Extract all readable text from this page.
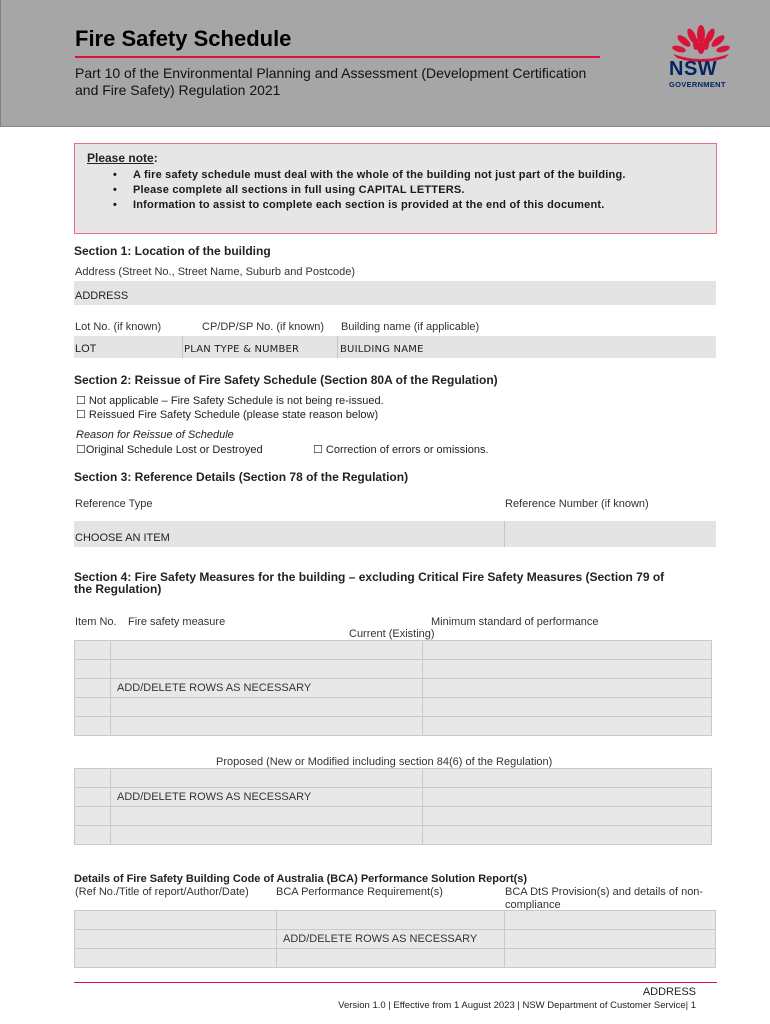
Fire Safety Schedule
Part 10 of the Environmental Planning and Assessment (Development Certification and Fire Safety) Regulation 2021
NSW
GOVERNMENT
Please note:
• A fire safety schedule must deal with the whole of the building not just part of the building.
• Please complete all sections in full using CAPITAL LETTERS.
• Information to assist to complete each section is provided at the end of this document.
Section 1: Location of the building
Address (Street No., Street Name, Suburb and Postcode)
ADDRESS
Lot No. (if known)	CP/DP/SP No. (if known) Building name (if applicable)
LOT	PLAN TYPE & NUMBER	BUILDING NAME
Section 2: Reissue of Fire Safety Schedule (Section 80A of the Regulation)
☐ Not applicable – Fire Safety Schedule is not being re-issued.
☐ Reissued Fire Safety Schedule (please state reason below)
Reason for Reissue of Schedule
☐Original Schedule Lost or Destroyed	☐ Correction of errors or omissions.
Section 3: Reference Details (Section 78 of the Regulation)
Reference Type	Reference Number (if known)
CHOOSE AN ITEM
Section 4: Fire Safety Measures for the building – excluding Critical Fire Safety Measures (Section 79 of
the Regulation)
Item No. Fire safety measure	Minimum standard of performance
Current (Existing)

	ADD/DELETE ROWS AS NECESSARY	

Proposed (New or Modified including section 84(6) of the Regulation)

	ADD/DELETE ROWS AS NECESSARY	

Details of Fire Safety Building Code of Australia (BCA) Performance Solution Report(s)
(Ref No./Title of report/Author/Date) BCA Performance Requirement(s)	BCA DtS Provision(s) and details of non-compliance

	ADD/DELETE ROWS AS NECESSARY	

ADDRESS
Version 1.0 | Effective from 1 August 2023 | NSW Department of Customer Service| 1
